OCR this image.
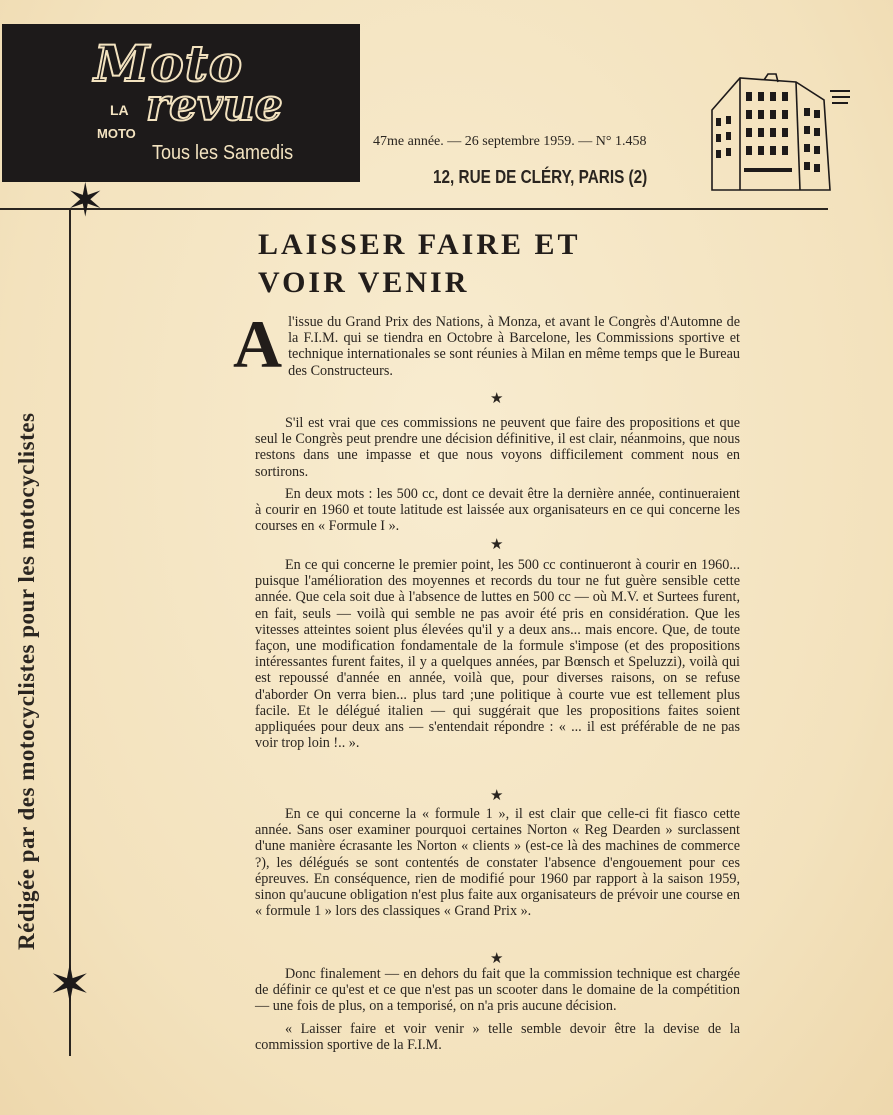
Moto
LA revue
MOTO
Tous les Samedis
47me année. — 26 septembre 1959. — N° 1.458
12, RUE DE CLÉRY, PARIS (2)
✶
✶
Rédigée par des motocyclistes pour les motocyclistes
LAISSER FAIRE ET
VOIR VENIR
A l'issue du Grand Prix des Nations, à Monza, et avant le Congrès d'Automne de la F.I.M. qui se tiendra en Octobre à Barcelone, les Commissions sportive et technique internationales se sont réunies à Milan en même temps que le Bureau des Constructeurs.

★

S'il est vrai que ces commissions ne peuvent que faire des propositions et que seul le Congrès peut prendre une décision définitive, il est clair, néanmoins, que nous restons dans une impasse et que nous voyons difficilement comment nous en sortirons.

En deux mots : les 500 cc, dont ce devait être la dernière année, continueraient à courir en 1960 et toute latitude est laissée aux organisateurs en ce qui concerne les courses en « Formule I ».

★

En ce qui concerne le premier point, les 500 cc continueront à courir en 1960... puisque l'amélioration des moyennes et records du tour ne fut guère sensible cette année. Que cela soit due à l'absence de luttes en 500 cc — où M.V. et Surtees furent, en fait, seuls — voilà qui semble ne pas avoir été pris en considération. Que les vitesses atteintes soient plus élevées qu'il y a deux ans... mais encore. Que, de toute façon, une modification fondamentale de la formule s'impose (et des propositions intéressantes furent faites, il y a quelques années, par Bœnsch et Speluzzi), voilà qui est repoussé d'année en année, voilà que, pour diverses raisons, on se refuse d'aborder On verra bien... plus tard ;une politique à courte vue est tellement plus facile. Et le délégué italien — qui suggérait que les propositions faites soient appliquées pour deux ans — s'entendait répondre : « ... il est préférable de ne pas voir trop loin !.. ».

★

En ce qui concerne la « formule 1 », il est clair que celle-ci fit fiasco cette année. Sans oser examiner pourquoi certaines Norton « Reg Dearden » surclassent d'une manière écrasante les Norton « clients » (est-ce là des machines de commerce ?), les délégués se sont contentés de constater l'absence d'engouement pour ces épreuves. En conséquence, rien de modifié pour 1960 par rapport à la saison 1959, sinon qu'aucune obligation n'est plus faite aux organisateurs de prévoir une course en « formule 1 » lors des classiques « Grand Prix ».

★

Donc finalement — en dehors du fait que la commission technique est chargée de définir ce qu'est et ce que n'est pas un scooter dans le domaine de la compétition — une fois de plus, on a temporisé, on n'a pris aucune décision.

« Laisser faire et voir venir » telle semble devoir être la devise de la commission sportive de la F.I.M.
